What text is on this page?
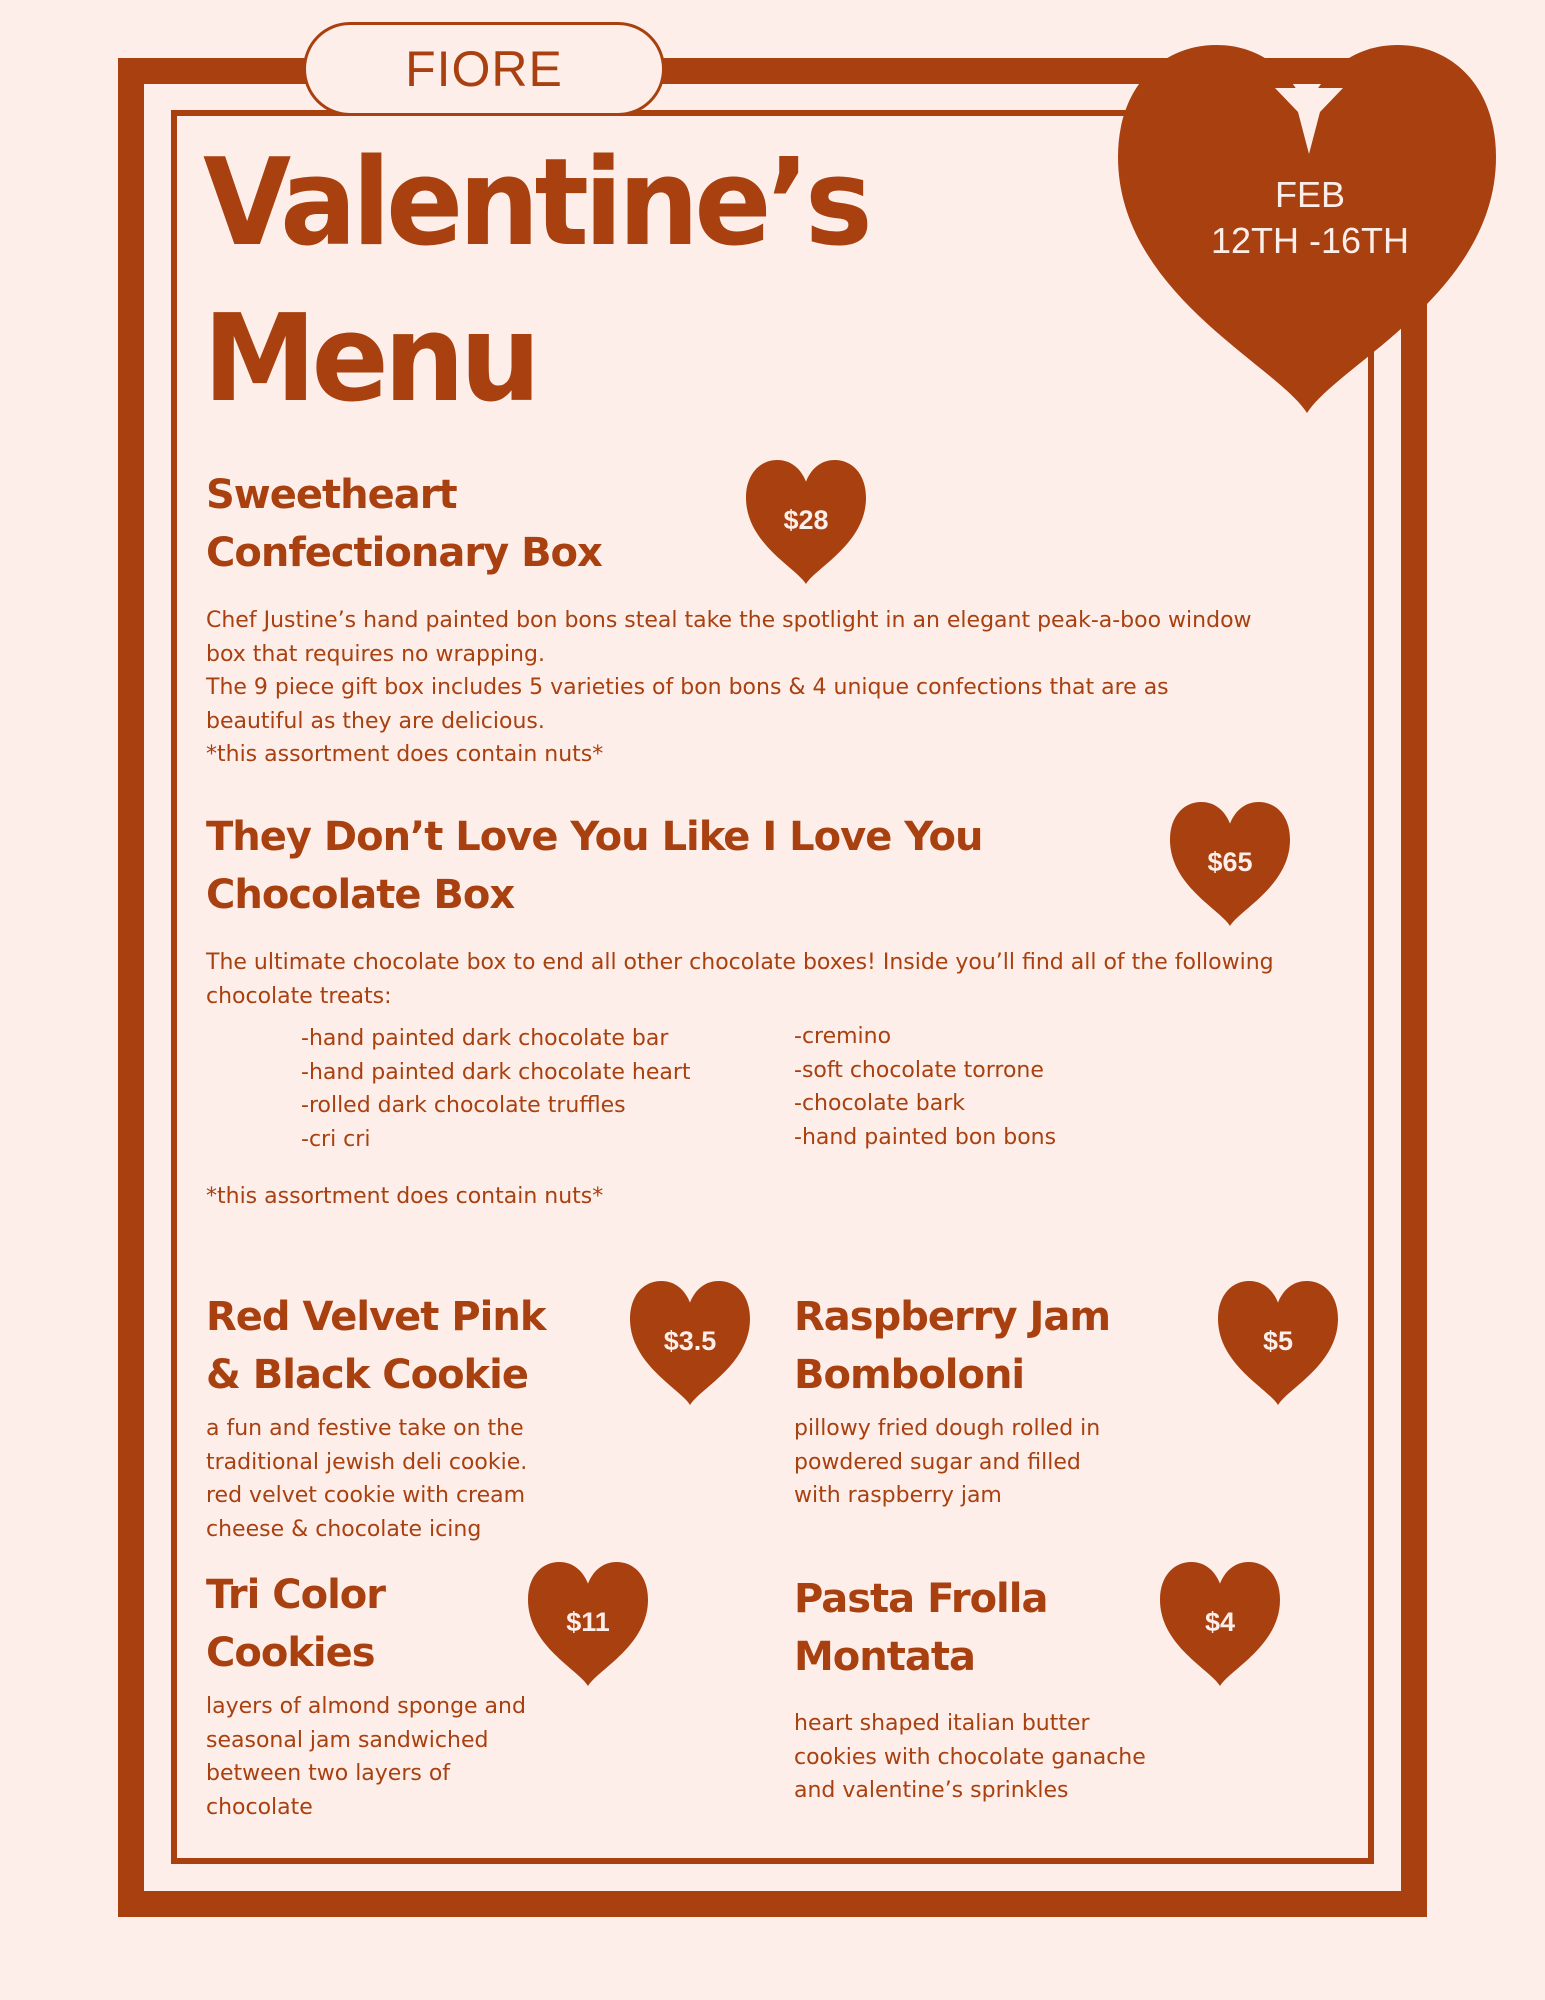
FIORE
Valentine’s
Menu
FEB
12TH -16TH
Sweetheart
Confectionary Box
$28

Chef Justine’s hand painted bon bons steal take the spotlight in an elegant peak-a-boo window

box that requires no wrapping.

The 9 piece gift box includes 5 varieties of bon bons & 4 unique confections that are as

beautiful as they are delicious.

*this assortment does contain nuts*

They Don’t Love You Like I Love You
Chocolate Box
$65

The ultimate chocolate box to end all other chocolate boxes! Inside you’ll find all of the following

chocolate treats:

-hand painted dark chocolate bar
-hand painted dark chocolate heart
-rolled dark chocolate truffles
-cri cri
-cremino
-soft chocolate torrone
-chocolate bark
-hand painted bon bons
*this assortment does contain nuts*
Red Velvet Pink
& Black Cookie
$3.5

a fun and festive take on the

traditional jewish deli cookie.

red velvet cookie with cream

cheese & chocolate icing

Raspberry Jam
Bomboloni
$5

pillowy fried dough rolled in

powdered sugar and filled

with raspberry jam

Tri Color
Cookies
$11

layers of almond sponge and

seasonal jam sandwiched

between two layers of

chocolate

Pasta Frolla
Montata
$4

heart shaped italian butter

cookies with chocolate ganache

and valentine’s sprinkles
